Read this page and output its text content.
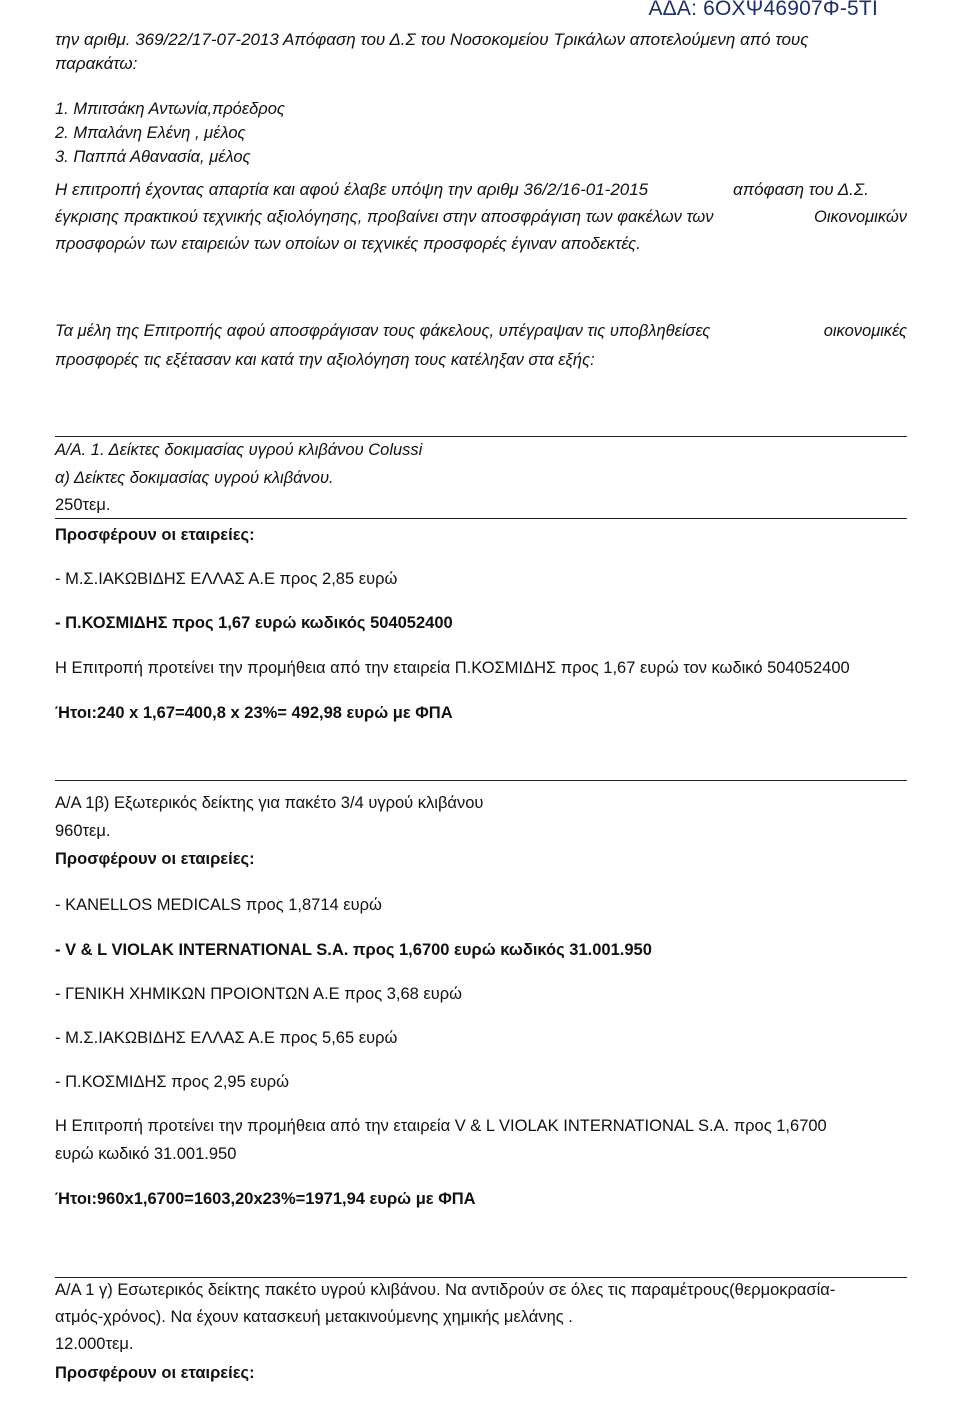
ΑΔΑ: 6ΟΧΨ46907Φ-5ΤΙ
την αριθμ. 369/22/17-07-2013 Απόφαση του Δ.Σ του Νοσοκομείου Τρικάλων αποτελούμενη από τους
παρακάτω:
1. Μπιτσάκη Αντωνία,πρόεδρος
2. Μπαλάνη Ελένη , μέλος
3. Παππά Αθανασία, μέλος
Η επιτροπή έχοντας απαρτία και αφού έλαβε υπόψη την αριθμ 36/2/16-01-2015	απόφαση του Δ.Σ.
έγκρισης πρακτικού τεχνικής αξιολόγησης, προβαίνει στην αποσφράγιση των φακέλων των	Οικονομικών
προσφορών των εταιρειών των οποίων οι τεχνικές προσφορές έγιναν αποδεκτές.
Τα μέλη της Επιτροπής αφού αποσφράγισαν τους φάκελους, υπέγραψαν τις υποβληθείσες	οικονομικές
προσφορές τις εξέτασαν και κατά την αξιολόγηση τους κατέληξαν στα εξής:
Α/Α. 1. Δείκτες δοκιμασίας υγρού κλιβάνου Colussi
α) Δείκτες δοκιμασίας υγρού κλιβάνου.
250τεμ.
Προσφέρουν οι εταιρείες:
- Μ.Σ.ΙΑΚΩΒΙΔΗΣ ΕΛΛΑΣ Α.Ε προς 2,85 ευρώ
- Π.ΚΟΣΜΙΔΗΣ προς 1,67 ευρώ κωδικός 504052400
Η Επιτροπή προτείνει την προμήθεια από την εταιρεία Π.ΚΟΣΜΙΔΗΣ προς 1,67 ευρώ τον κωδικό 504052400
Ήτοι:240 x 1,67=400,8 x 23%= 492,98 ευρώ με ΦΠΑ
Α/Α 1β) Εξωτερικός δείκτης για πακέτο 3/4 υγρού κλιβάνου
960τεμ.
Προσφέρουν οι εταιρείες:
- KANELLOS MEDICALS προς 1,8714 ευρώ
- V & L VIOLAK INTERNATIONAL S.A. προς 1,6700 ευρώ κωδικός 31.001.950
- ΓΕΝΙΚΗ ΧΗΜΙΚΩΝ ΠΡΟΙΟΝΤΩΝ Α.Ε προς 3,68 ευρώ
- Μ.Σ.ΙΑΚΩΒΙΔΗΣ ΕΛΛΑΣ Α.Ε προς 5,65 ευρώ
- Π.ΚΟΣΜΙΔΗΣ προς 2,95 ευρώ
Η Επιτροπή προτείνει την προμήθεια από την εταιρεία V & L VIOLAK INTERNATIONAL S.A. προς 1,6700
ευρώ κωδικό 31.001.950
Ήτοι:960x1,6700=1603,20x23%=1971,94 ευρώ με ΦΠΑ
Α/Α 1 γ) Εσωτερικός δείκτης πακέτο υγρού κλιβάνου. Να αντιδρούν σε όλες τις παραμέτρους(θερμοκρασία-
ατμός-χρόνος). Να έχουν κατασκευή μετακινούμενης χημικής μελάνης .
12.000τεμ.
Προσφέρουν οι εταιρείες:
